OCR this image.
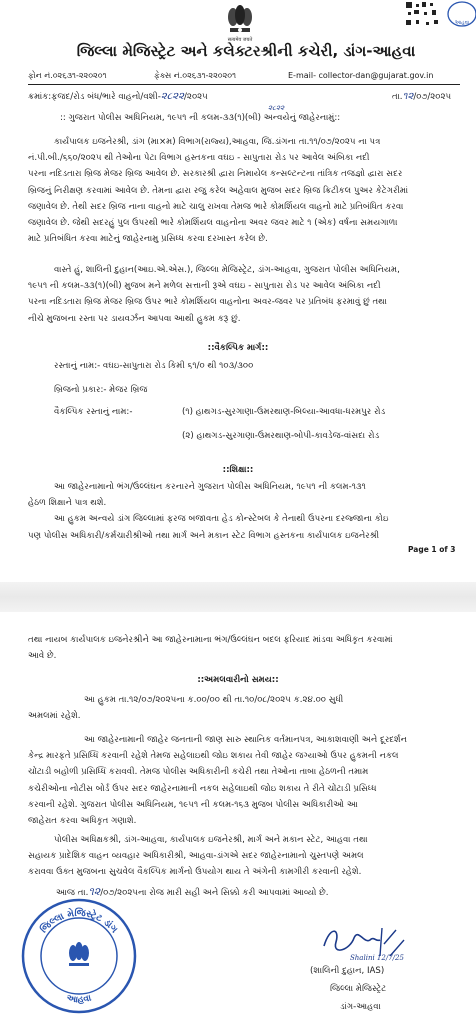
सत्यमेव जयते
આહવા
જિલ્લા મેજિસ્ટ્રેટ અને કલેક્ટરશ્રીની કચેરી, ડાંગ-આહવા
ફોન નં.૦૨૬૩૧-૨૨૦૨૦૧	ફેક્સ નં.૦૨૬૩૧-૨૨૦૨૦૧	E-mail- collector-dan@gujarat.gov.in
ક્રમાંક:ફજદ/રોડ બંધ/ભારે વાહનો/વશી-૨૮૨૨/૨૦૨૫	તા.૧૨/૦૭/૨૦૨૫
૨૮૨૨
:: ગુજરાત પોલીસ અધિનિયમ, ૧૯૫૧ ની કલમ-૩૩(૧)(બી) અન્વયેનું જાહેરનામું::
કાર્યપાલક ઇજનેરશ્રી, ડાંગ (મા×મ) વિભાગ(રાજ્ય),આહવા, જિ.ડાંગના તા.૧૧/૦૭/૨૦૨૫ ના પત્ર
નં.પી.બી./૬૬૦/૨૦૨૫ થી તેઓના પેટા વિભાગ હસ્તકના વઘઇ - સાપુતારા રોડ પર આવેલ અંબિકા નદી
પરના નદિડતારા બ્રિજ મેજર બ્રિજ આવેલ છે. સરકારશ્રી દ્વારા નિમાયેલ કન્સલ્ટન્ટના તાંત્રિક તજજ્ઞો દ્વારા સદર
બ્રિજનું નિરીક્ષણ કરવામાં આવેલ છે. તેમના દ્વારા રજુ કરેલ અહેવાલ મુજબ સદર બ્રિજ ક્રિટીકલ પુઅર કેટેગરીમાં
જણાવેલ છે. તેથી સદર બ્રિજ નાના વાહનો માટે ચાલુ રાખવા તેમજ ભારે કોમર્શિયલ વાહનો માટે પ્રતિબંધિત કરવા
જણાવેલ છે. જેથી સદરહું પુલ ઉપરથી ભારે કોમર્શિયલ વાહનોના અવર જવર માટે ૧ (એક) વર્ષના સમયગાળા
માટે પ્રતિબંધિત કરવા માટેનું જાહેરનામુ પ્રસિધ્ધ કરવા દરખાસ્ત કરેલ છે.
વાસ્તે હું, શાલિની દુહાન(આઇ.એ.એસ.), જિલ્લા મેજિસ્ટ્રેટ, ડાંગ-આહવા, ગુજરાત પોલીસ અધિનિયમ,
૧૯૫૧ ની કલમ-૩૩(૧)(બી) મુજબ મને મળેલ સત્તાની રૂએ વઘઇ - સાપુતારા રોડ પર આવેલ અંબિકા નદી
પરના નદિડતારા બ્રિજ મેજર બ્રિજ ઉપર ભારે કોમર્શિયલ વાહનોના અવર-જવર પર પ્રતિબંધ ફરમાવું છું તથા
નીચે મુજબના રસ્તા પર ડાયવર્ઝન આપવા આથી હુકમ કરૂ છું.
::વૈકલ્પિક માર્ગ::
રસ્તાનું નામ:- વઘઇ-સાપુતારા રોડ કિમી ૬૧/૦ થી ૧૦૩/૩૦૦
બ્રિજનો પ્રકાર:- મેજર બ્રિજ
વૈકલ્પિક રસ્તાનું નામ:-	(૧) હાથગડ-સુરગાણા-ઉમરથાણ-બિલ્યા-આવધા-ધરમપુર રોડ
(૨) હાથગડ-સુરગાણા-ઉમરથાણ-બોપી-કાવડેજ-વાંસદા રોડ
::શિક્ષા::
આ જાહેરનામાનો ભંગ/ઉલ્લંઘન કરનારને ગુજરાત પોલીસ અધિનિયમ, ૧૯૫૧ ની કલમ-૧૩૧
હેઠળ શિક્ષાને પાત્ર થશે.
આ હુકમ અન્વયે ડાંગ જિલ્લામાં ફરજ બજાવતા હેડ કોન્સ્ટેબલ કે તેનાથી ઉપરના દરજ્જાના કોઇ
પણ પોલીસ અધિકારી/કર્મચારીશ્રીઓ તથા માર્ગ અને મકાન સ્ટેટ વિભાગ હસ્તકના કાર્યપાલક ઇજનેરશ્રી
Page 1 of 3
તથા નાયબ કાર્યપાલક ઇજનેરશ્રીને આ જાહેરનામાના ભંગ/ઉલ્લંઘન બદલ ફરિયાદ માંડવા અધિકૃત કરવામાં
આવે છે.
::અમલવારીનો સમય::
આ હુકમ તા.૧૨/૦૭/૨૦૨૫ના ક.૦૦/૦૦ થી તા.૧૦/૦૮/૨૦૨૫ ક.૨૪.૦૦ સુધી
અમલમાં રહેશે.
આ જાહેરનામાની જાહેર જનતાની જાણ સારુ સ્થાનિક વર્તમાનપત્ર, આકાશવાણી અને દૂરદર્શન
કેન્દ્ર મારફતે પ્રસિધ્ધિ કરવાની રહેશે તેમજ સહેલાઇથી જોઇ શકાય તેવી જાહેર જગ્યાઓ ઉપર હુકમની નકલ
ચોંટાડી બહોળી પ્રસિધ્ધિ કરાવવી. તેમજ પોલીસ અધિકારીની કચેરી તથા તેઓના તાબા હેઠળની તમામ
કચેરીઓના નોટીસ બોર્ડ ઉપર સદર જાહેરનામાની નકલ સહેલાઇથી જોઇ શકાય તે રીતે ચોંટાડી પ્રસિધ્ધ
કરવાની રહેશે. ગુજરાત પોલીસ અધિનિયમ, ૧૯૫૧ ની કલમ-૧૬૩ મુજબ પોલીસ અધિકારીઓ આ
જાહેરાત કરવા અધિકૃત ગણાશે.
પોલીસ અધિક્ષકશ્રી, ડાંગ-આહવા, કાર્યપાલક ઇજનેરશ્રી, માર્ગ અને મકાન સ્ટેટ, આહવા તથા
સહાયક પ્રાદેશિક વાહન વ્યવહાર અધિકારીશ્રી, આહવા-ડાંગએ સદર જાહેરનામાનો ચુસ્તપણે અમલ
કરાવવા ઉક્ત મુજબના સુચવેલ વૈકલ્પિક માર્ગનો ઉપયોગ થાય તે અંગેની કામગીરી કરવાની રહેશે.
આજ તા.૧૨/૦૭/૨૦૨૫ના રોજ મારી સહી અને સિક્કો કરી આપવામાં આવ્યો છે.
જિલ્લા મેજિસ્ટ્રેટ ડાંગ
આહવા
Shalini 12/7/25
(શાલિની દુહાન, IAS)
જિલ્લા મેજિસ્ટ્રેટ
ડાંગ-આહવા
